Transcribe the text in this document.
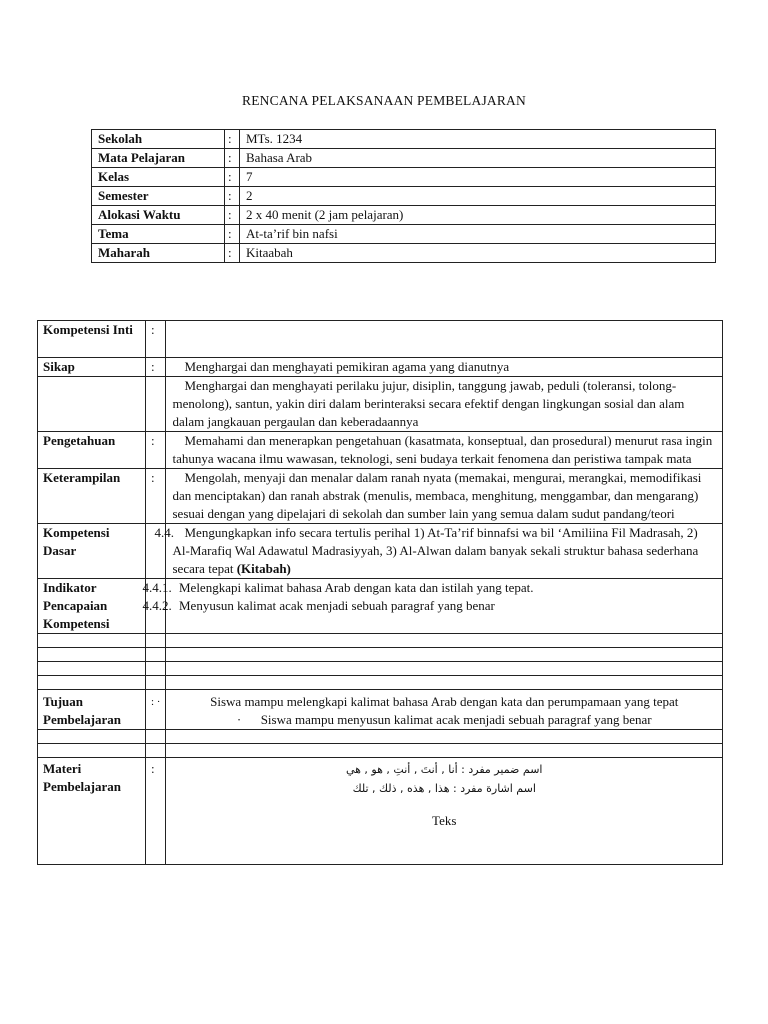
RENCANA PELAKSANAAN PEMBELAJARAN
Sekolah	:	MTs. 1234
Mata Pelajaran	:	Bahasa Arab
Kelas	:	7
Semester	:	2
Alokasi Waktu	:	2 x 40 menit (2 jam pelajaran)
Tema	:	At-ta’rif bin nafsi
Maharah	:	Kitaabah
Kompetensi Inti	:	
Sikap	:	Menghargai dan menghayati pemikiran agama yang dianutnya
		Menghargai dan menghayati perilaku jujur, disiplin, tanggung jawab, peduli (toleransi, tolong-menolong), santun, yakin diri dalam berinteraksi secara efektif dengan lingkungan sosial dan alam dalam jangkauan pergaulan dan keberadaannya
Pengetahuan	:	Memahami dan menerapkan pengetahuan (kasatmata, konseptual, dan prosedural) menurut rasa ingin tahunya wacana ilmu wawasan, teknologi, seni budaya terkait fenomena dan peristiwa tampak mata
Keterampilan	:	Mengolah, menyaji dan menalar dalam ranah nyata (memakai, mengurai, merangkai, memodifikasi dan menciptakan) dan ranah abstrak (menulis, membaca, menghitung, menggambar, dan mengarang) sesuai dengan yang dipelajari di sekolah dan sumber lain yang semua dalam sudut pandang/teori
Kompetensi Dasar		4.4. Mengungkapkan info secara tertulis perihal 1) At-Ta’rif binnafsi wa bil ‘Amiliina Fil Madrasah, 2) Al-Marafiq Wal Adawatul Madrasiyyah, 3) Al-Alwan dalam banyak sekali struktur bahasa sederhana secara tepat (Kitabah)
Indikator Pencapaian Kompetensi		4.4.1. Melengkapi kalimat bahasa Arab dengan kata dan istilah yang tepat.
4.4.2. Menyusun kalimat acak menjadi sebuah paragraf yang benar

Tujuan Pembelajaran	: ·	Siswa mampu melengkapi kalimat bahasa Arab dengan kata dan perumpamaan yang tepat
· Siswa mampu menyusun kalimat acak menjadi sebuah paragraf yang benar

Materi Pembelajaran	:	اسم ضمير مفرد : أنا , أنتَ , أنتِ , هو , هي
اسم اشارة مفرد : هذا , هذه , ذلك , تلك
Teks
